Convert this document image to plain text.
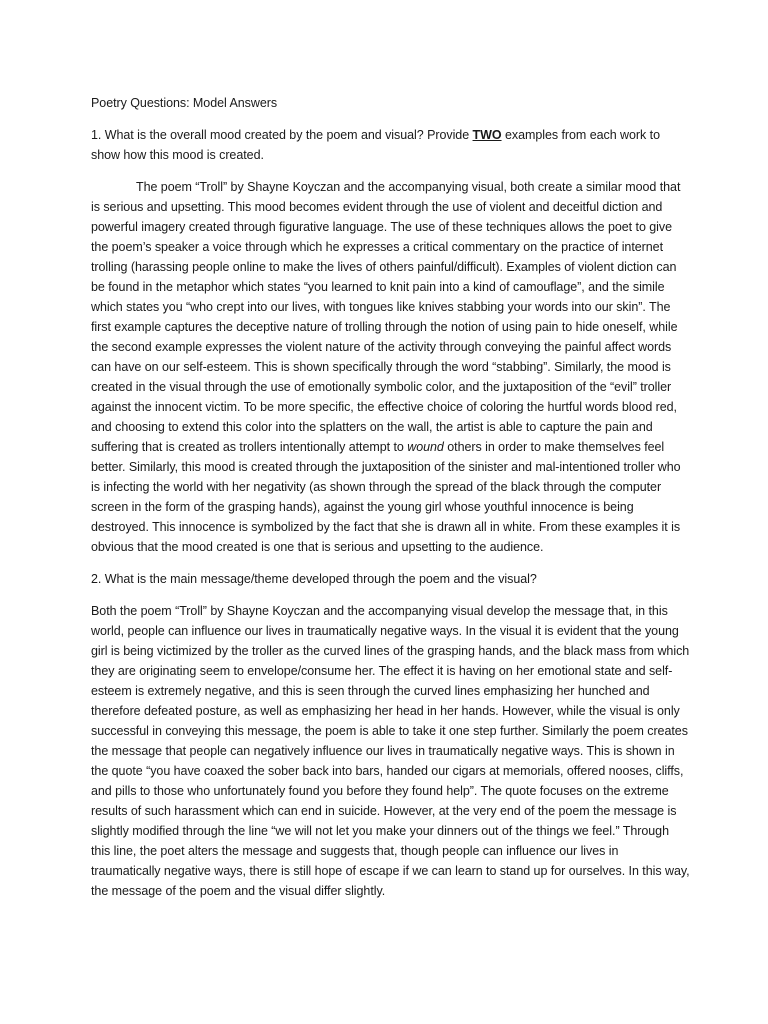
Poetry Questions: Model Answers

1. What is the overall mood created by the poem and visual? Provide TWO examples from each work to show how this mood is created.

The poem “Troll” by Shayne Koyczan and the accompanying visual, both create a similar mood that is serious and upsetting. This mood becomes evident through the use of violent and deceitful diction and powerful imagery created through figurative language. The use of these techniques allows the poet to give the poem’s speaker a voice through which he expresses a critical commentary on the practice of internet trolling (harassing people online to make the lives of others painful/difficult). Examples of violent diction can be found in the metaphor which states “you learned to knit pain into a kind of camouflage”, and the simile which states you “who crept into our lives, with tongues like knives stabbing your words into our skin”. The first example captures the deceptive nature of trolling through the notion of using pain to hide oneself, while the second example expresses the violent nature of the activity through conveying the painful affect words can have on our self-esteem. This is shown specifically through the word “stabbing”. Similarly, the mood is created in the visual through the use of emotionally symbolic color, and the juxtaposition of the “evil” troller against the innocent victim. To be more specific, the effective choice of coloring the hurtful words blood red, and choosing to extend this color into the splatters on the wall, the artist is able to capture the pain and suffering that is created as trollers intentionally attempt to wound others in order to make themselves feel better. Similarly, this mood is created through the juxtaposition of the sinister and mal-intentioned troller who is infecting the world with her negativity (as shown through the spread of the black through the computer screen in the form of the grasping hands), against the young girl whose youthful innocence is being destroyed. This innocence is symbolized by the fact that she is drawn all in white. From these examples it is obvious that the mood created is one that is serious and upsetting to the audience.

2. What is the main message/theme developed through the poem and the visual?

Both the poem “Troll” by Shayne Koyczan and the accompanying visual develop the message that, in this world, people can influence our lives in traumatically negative ways. In the visual it is evident that the young girl is being victimized by the troller as the curved lines of the grasping hands, and the black mass from which they are originating seem to envelope/consume her. The effect it is having on her emotional state and self-esteem is extremely negative, and this is seen through the curved lines emphasizing her hunched and therefore defeated posture, as well as emphasizing her head in her hands. However, while the visual is only successful in conveying this message, the poem is able to take it one step further. Similarly the poem creates the message that people can negatively influence our lives in traumatically negative ways. This is shown in the quote “you have coaxed the sober back into bars, handed our cigars at memorials, offered nooses, cliffs, and pills to those who unfortunately found you before they found help”. The quote focuses on the extreme results of such harassment which can end in suicide. However, at the very end of the poem the message is slightly modified through the line “we will not let you make your dinners out of the things we feel.” Through this line, the poet alters the message and suggests that, though people can influence our lives in traumatically negative ways, there is still hope of escape if we can learn to stand up for ourselves. In this way, the message of the poem and the visual differ slightly.
